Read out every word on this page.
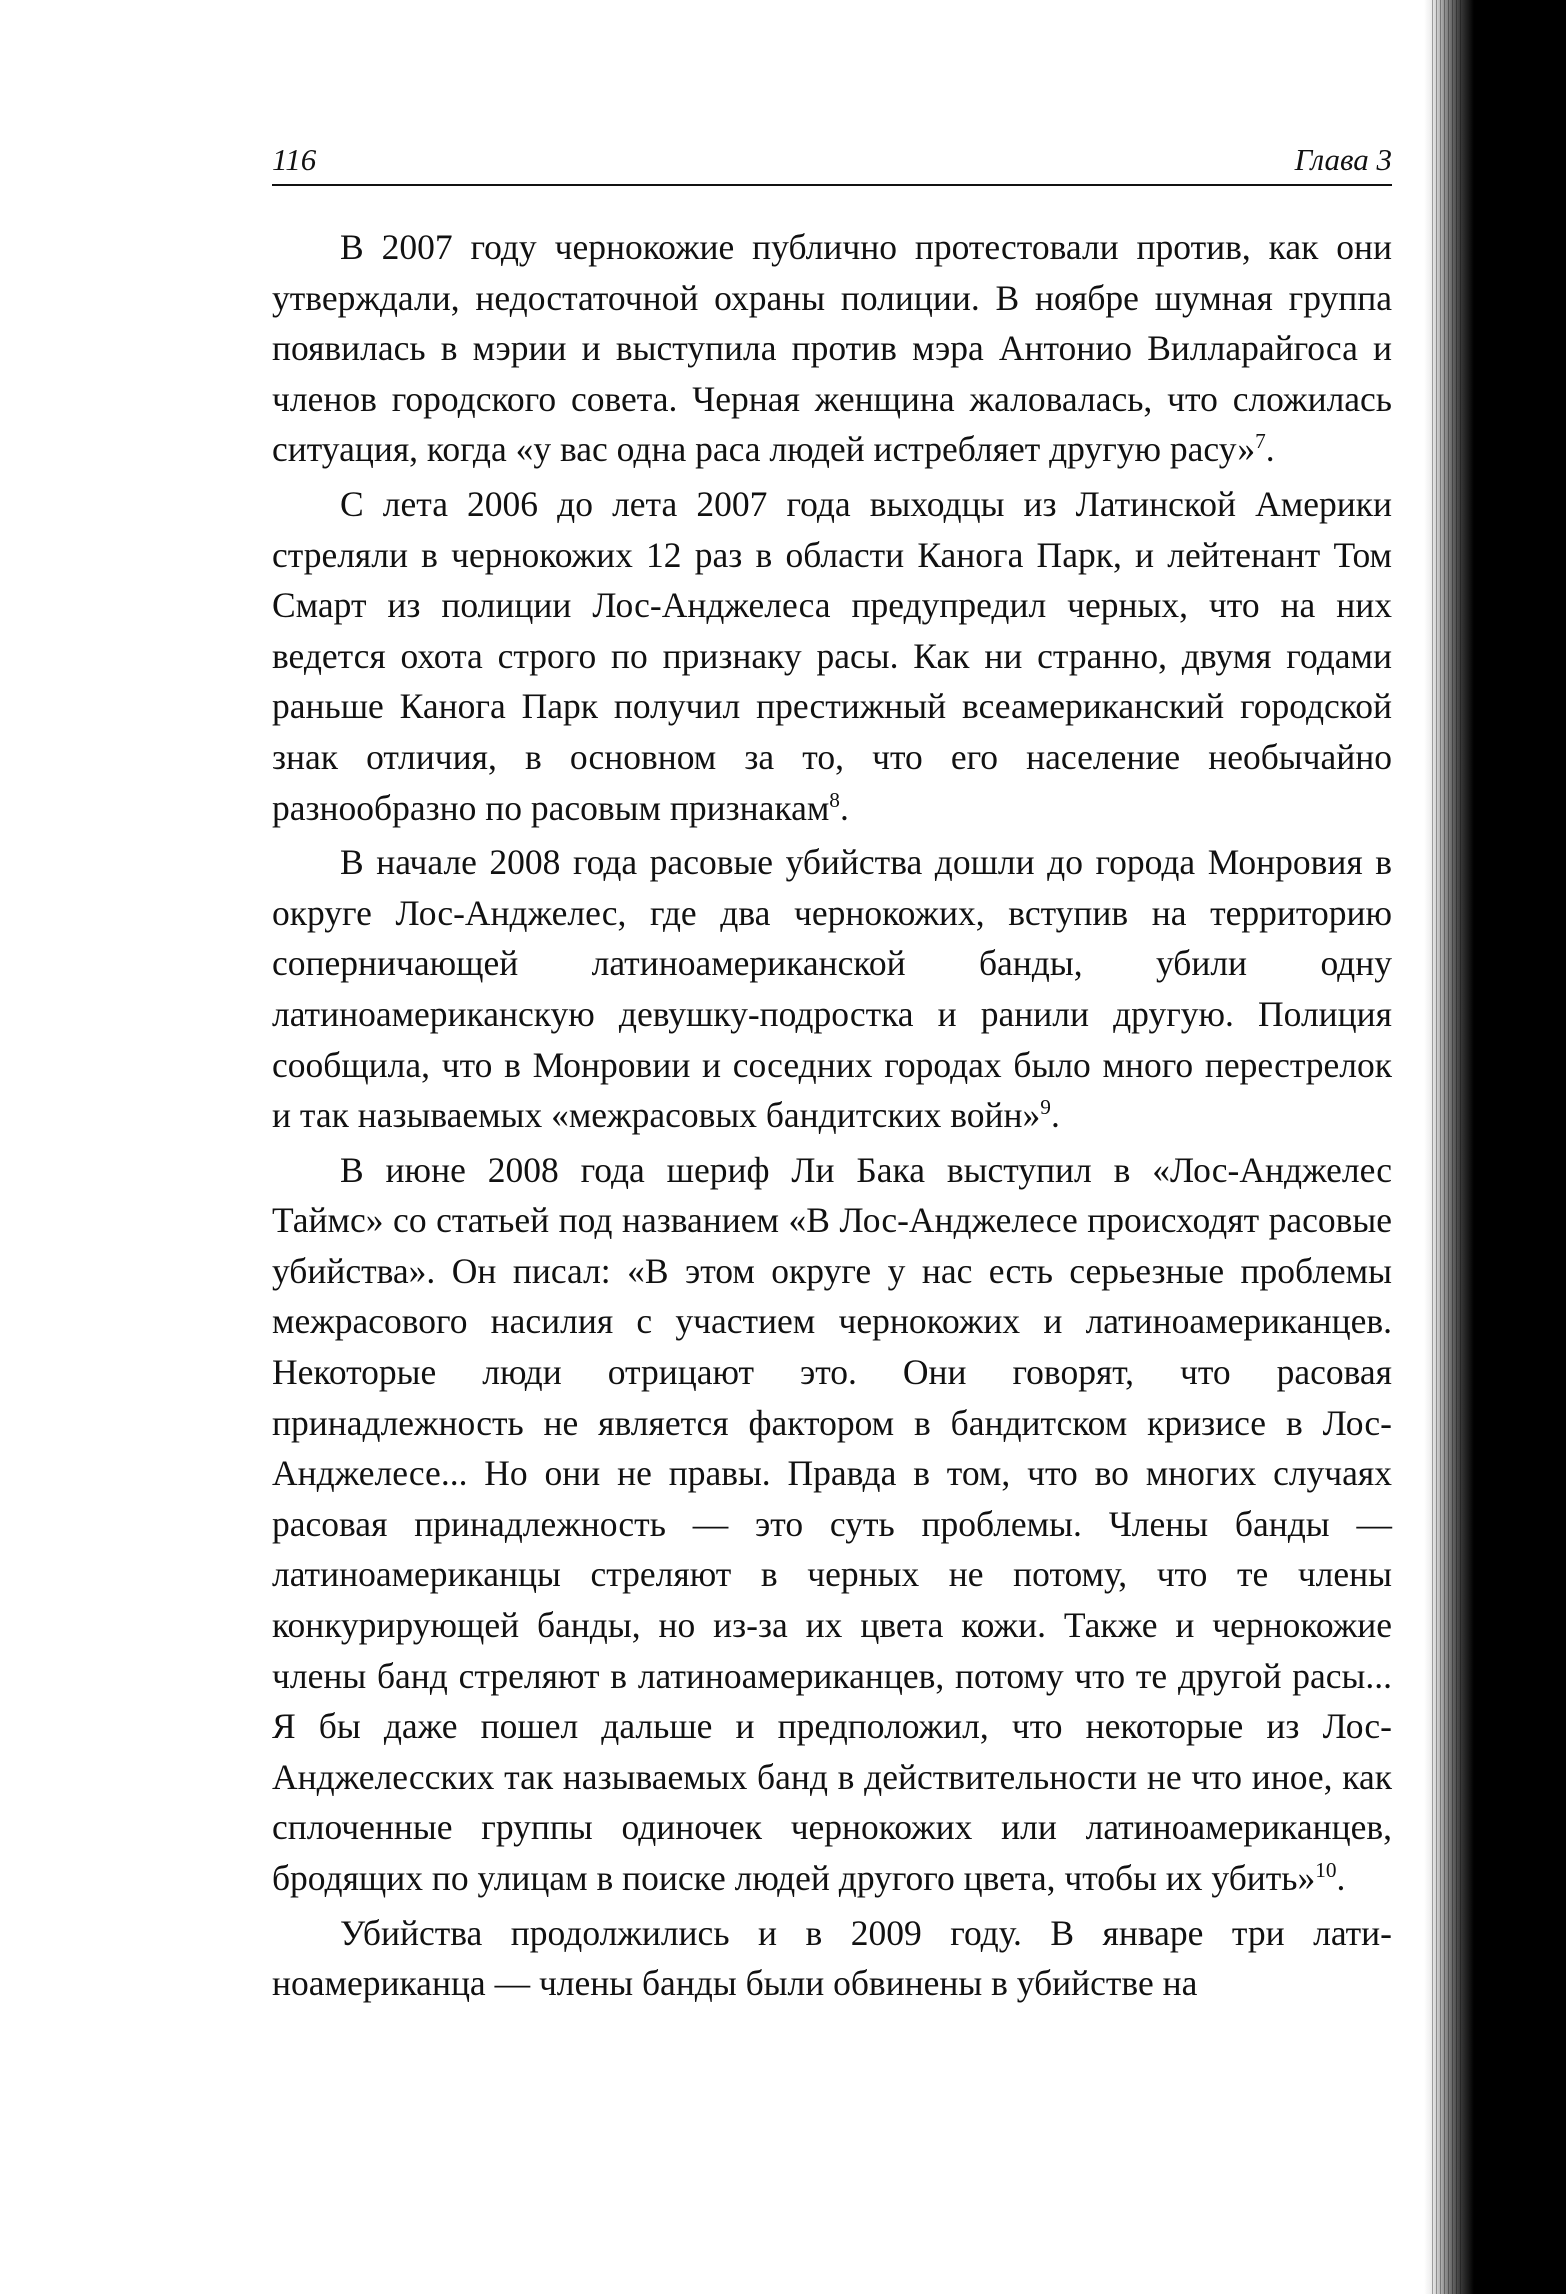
116	Глава 3

В 2007 году чернокожие публично протестовали против, как они утверждали, недостаточной охраны полиции. В ноябре шумная группа появилась в мэрии и выступила против мэра Антонио Вилларайгоса и членов городского совета. Черная женщина жаловалась, что сложилась ситуация, когда «у вас одна раса людей истребляет другую расу»$^7$.

С лета 2006 до лета 2007 года выходцы из Латинской Америки стреляли в чернокожих 12 раз в области Канога Парк, и лейтенант Том Смарт из полиции Лос-Анджелеса предупредил черных, что на них ведется охота строго по признаку расы. Как ни странно, двумя годами раньше Канога Парк получил престижный всеамериканский городской знак отличия, в основном за то, что его население необычайно разнообразно по расовым признакам$^8$.

В начале 2008 года расовые убийства дошли до города Монровия в округе Лос-Анджелес, где два чернокожих, вступив на территорию соперничающей латиноамериканской банды, убили одну латиноамериканскую девушку-подростка и ранили другую. Полиция сообщила, что в Монровии и соседних городах было много перестрелок и так называемых «межрасовых бандитских войн»$^9$.

В июне 2008 года шериф Ли Бака выступил в «Лос-Анджелес Таймс» со статьей под названием «В Лос-Анджелесе происходят расовые убийства». Он писал: «В этом округе у нас есть серьезные проблемы межрасового насилия с участием чернокожих и латиноамериканцев. Некоторые люди отрицают это. Они говорят, что расовая принадлежность не является фактором в бандитском кризисе в Лос-Анджелесе... Но они не правы. Правда в том, что во многих случаях расовая принадлежность — это суть проблемы. Члены банды — латиноамериканцы стреляют в черных не потому, что те члены конкурирующей банды, но из-за их цвета кожи. Также и чернокожие члены банд стреляют в латиноамериканцев, потому что те другой расы... Я бы даже пошел дальше и предположил, что некоторые из Лос-Анджелесских так называемых банд в действительности не что иное, как сплоченные группы одиночек чернокожих или латиноамериканцев, бродящих по улицам в поиске людей другого цвета, чтобы их убить»$^{10}$.

Убийства продолжились и в 2009 году. В январе три латиноамериканца — члены банды были обвинены в убийстве на
